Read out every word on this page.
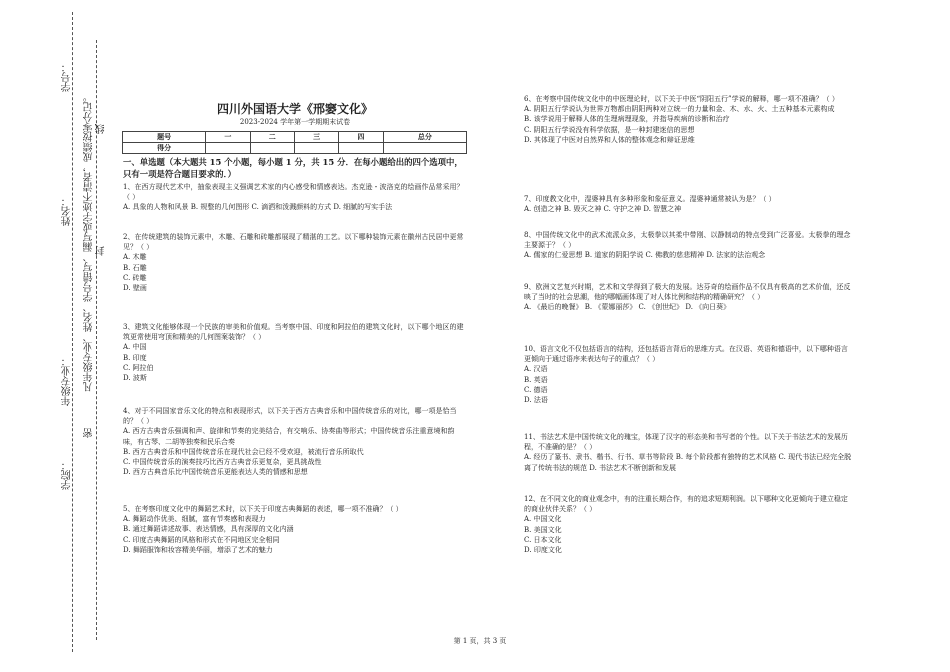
学号：
姓名：
年级专业：
学院：
凡年级专业、姓名、学号错写、漏写或字迹不清者，成绩按零分记。
密
封
线
四川外国语大学《邢窭文化》
2023-2024 学年第一学期期末试卷
题号	一	二	三	四	总分
得分					
一、单选题（本大题共 15 个小题，每小题 1 分，共 15 分．在每小题给出的四个选项中，只有一项是符合题目要求的．）

1、在西方现代艺术中，抽象表现主义强调艺术家的内心感受和情感表达。杰克逊・波洛克的绘画作品常采用？（ ）

A. 具象的人物和风景 B. 规整的几何图形 C. 滴洒和泼溅颜料的方式 D. 细腻的写实手法

2、在传统建筑的装饰元素中，木雕、石雕和砖雕都展现了精湛的工艺。以下哪种装饰元素在徽州古民居中更常见？（ ）

A. 木雕

B. 石雕

C. 砖雕

D. 壁画

3、建筑文化能够体现一个民族的审美和价值观。当考察中国、印度和阿拉伯的建筑文化时，以下哪个地区的建筑更常使用穹顶和精美的几何图案装饰？（ ）

A. 中国

B. 印度

C. 阿拉伯

D. 波斯

4、对于不同国家音乐文化的特点和表现形式，以下关于西方古典音乐和中国传统音乐的对比，哪一项是恰当的？（ ）

A. 西方古典音乐强调和声、旋律和节奏的完美结合，有交响乐、协奏曲等形式；中国传统音乐注重意境和韵味，有古琴、二胡等独奏和民乐合奏

B. 西方古典音乐和中国传统音乐在现代社会已经不受欢迎，被流行音乐所取代

C. 中国传统音乐的演奏技巧比西方古典音乐更复杂，更具挑战性

D. 西方古典音乐比中国传统音乐更能表达人类的情感和思想

5、在考察印度文化中的舞蹈艺术时，以下关于印度古典舞蹈的表述，哪一项不准确？（ ）

A. 舞蹈动作优美、细腻，富有节奏感和表现力

B. 通过舞蹈讲述故事、表达情感，具有深厚的文化内涵

C. 印度古典舞蹈的风格和形式在不同地区完全相同

D. 舞蹈服饰和妆容精美华丽，增添了艺术的魅力

6、在考察中国传统文化中的中医理论时，以下关于中医“阴阳五行”学说的解释，哪一项不准确？（ ）

A. 阴阳五行学说认为世界万物都由阴阳两种对立统一的力量和金、木、水、火、土五种基本元素构成

B. 该学说用于解释人体的生理病理现象，并指导疾病的诊断和治疗

C. 阴阳五行学说没有科学依据，是一种封建迷信的思想

D. 其体现了中医对自然界和人体的整体观念和辩证思维

7、印度教文化中，湿婆神具有多种形象和象征意义。湿婆神通常被认为是？（ ）

A. 创造之神 B. 毁灭之神 C. 守护之神 D. 智慧之神

8、中国传统文化中的武术流派众多，太极拳以其柔中带刚、以静制动的特点受到广泛喜爱。太极拳的理念主要源于？（ ）

A. 儒家的仁爱思想 B. 道家的阴阳学说 C. 佛教的慈悲精神 D. 法家的法治观念

9、欧洲文艺复兴时期，艺术和文学得到了极大的发展。达芬奇的绘画作品不仅具有极高的艺术价值，还反映了当时的社会思潮，他的哪幅画体现了对人体比例和结构的精确研究？（ ）

A. 《最后的晚餐》 B. 《蒙娜丽莎》 C. 《创世纪》 D. 《向日葵》

10、语言文化不仅包括语言的结构，还包括语言背后的思维方式。在汉语、英语和德语中，以下哪种语言更倾向于通过语序来表达句子的重点？（ ）

A. 汉语

B. 英语

C. 德语

D. 法语

11、书法艺术是中国传统文化的瑰宝，体现了汉字的形态美和书写者的个性。以下关于书法艺术的发展历程，不准确的是？（ ）

A. 经历了篆书、隶书、楷书、行书、草书等阶段 B. 每个阶段都有独特的艺术风格 C. 现代书法已经完全脱离了传统书法的规范 D. 书法艺术不断创新和发展

12、在不同文化的商业观念中，有的注重长期合作，有的追求短期利润。以下哪种文化更倾向于建立稳定的商业伙伴关系？（ ）

A. 中国文化

B. 美国文化

C. 日本文化

D. 印度文化

第 1 页，共 3 页
